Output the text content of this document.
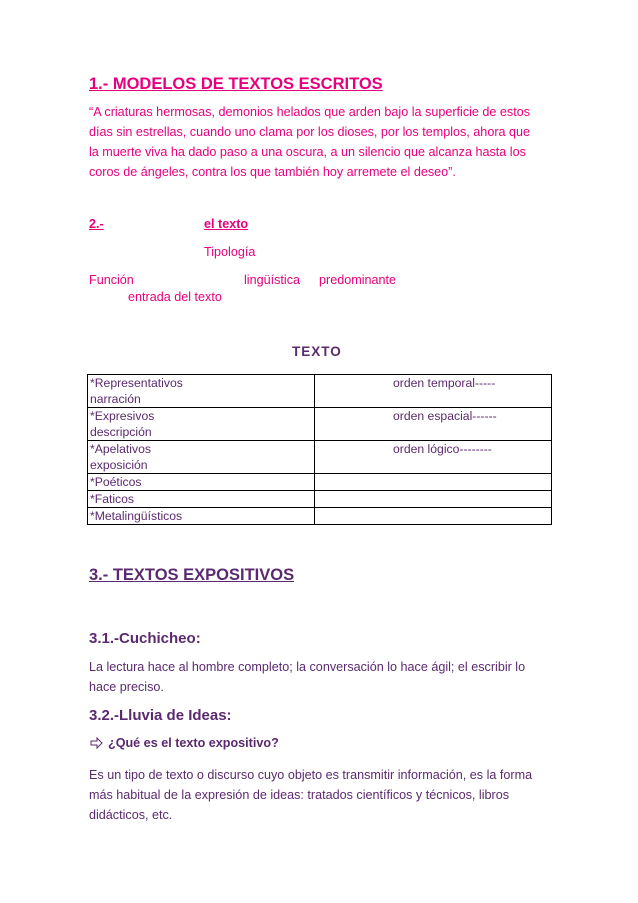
1.- MODELOS DE TEXTOS ESCRITOS
“A criaturas hermosas, demonios helados que arden bajo la superficie de estos
días sin estrellas, cuando uno clama por los dioses, por los templos, ahora que
la muerte viva ha dado paso a una oscura, a un silencio que alcanza hasta los
coros de ángeles, contra los que también hoy arremete el deseo”.
2.-	el texto
Tipología
Función	lingüística predominante
entrada del texto
TEXTO
*Representativos
narración	orden temporal-----

*Expresivos
descripción	orden espacial------

*Apelativos
exposición	orden lógico--------

*Poéticos	
*Faticos	
*Metalingüísticos	
3.- TEXTOS EXPOSITIVOS
3.1.-Cuchicheo:
La lectura hace al hombre completo; la conversación lo hace ágil; el escribir lo
hace preciso.
3.2.-Lluvia de Ideas:
¿Qué es el texto expositivo?
Es un tipo de texto o discurso cuyo objeto es transmitir información, es la forma
más habitual de la expresión de ideas: tratados científicos y técnicos, libros
didácticos, etc.
